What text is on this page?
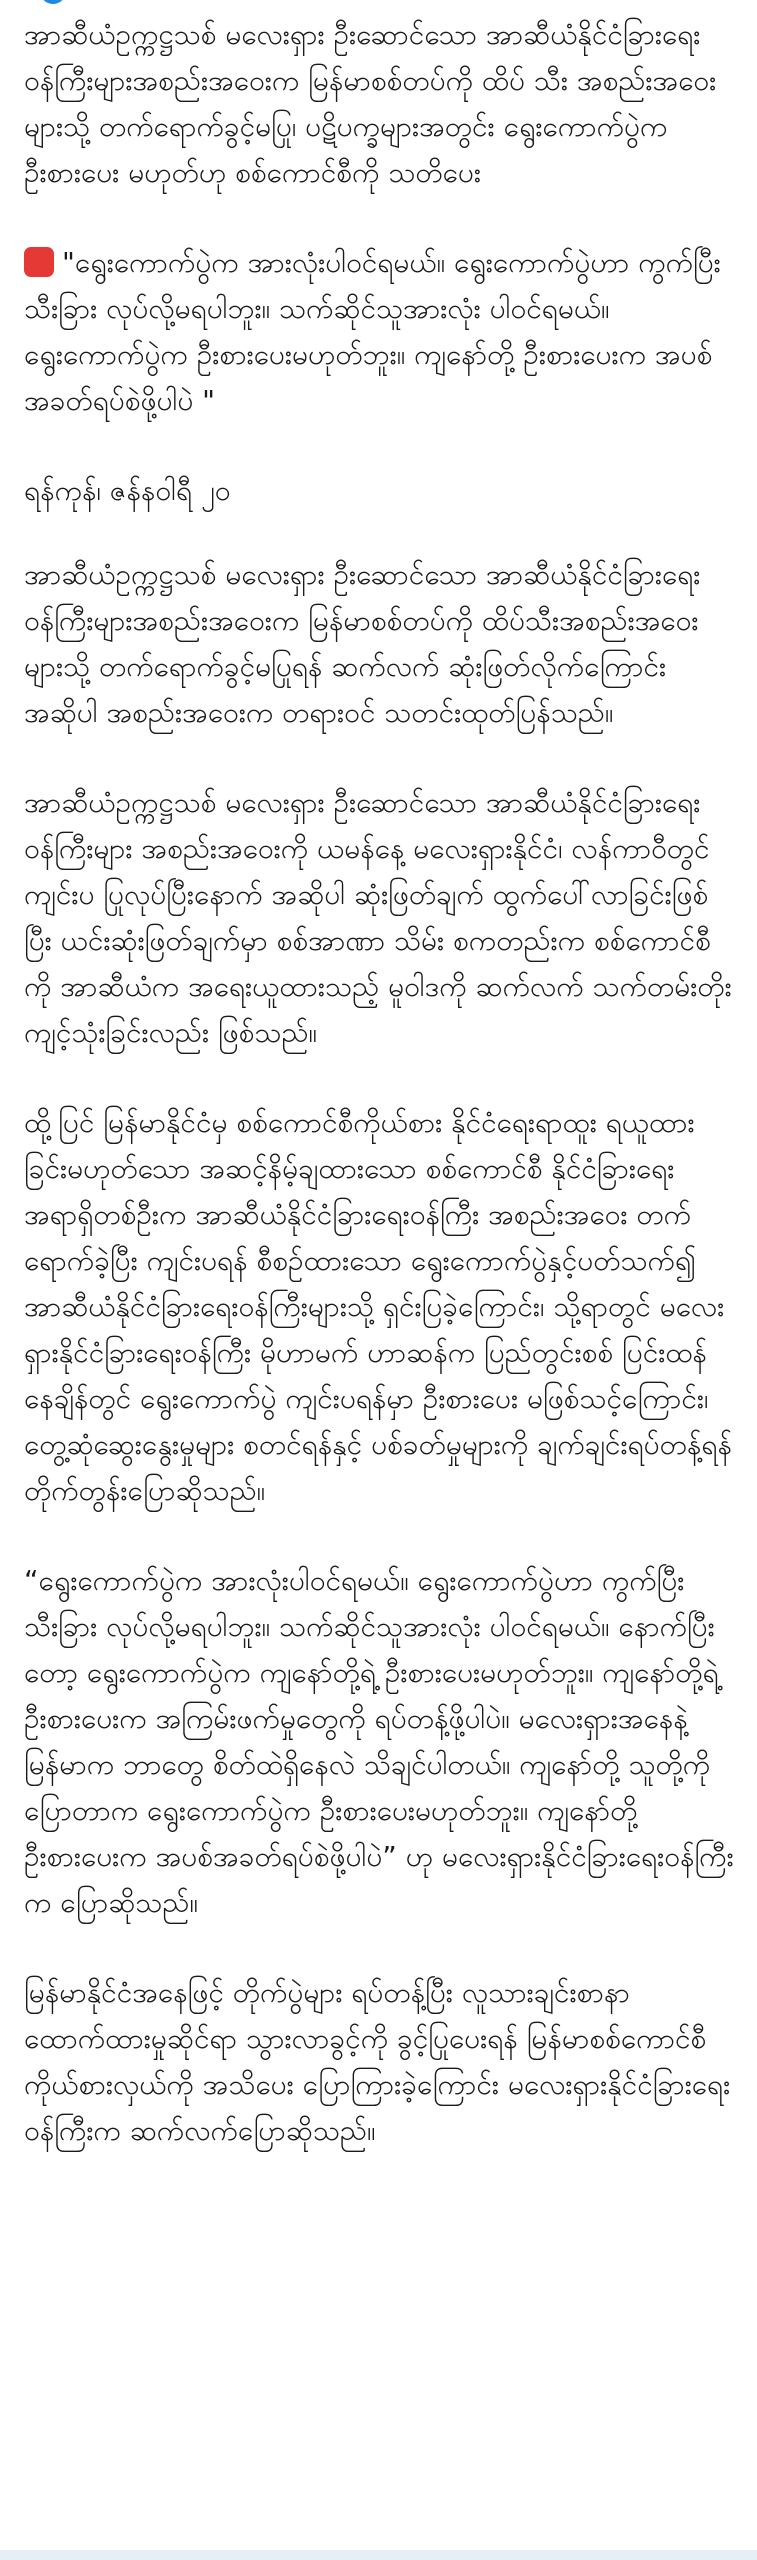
အာဆီယံဥက္ကဋ္ဌသစ် မလေးရှား ဦးဆောင်သော အာဆီယံနိုင်ငံခြားရေး ဝန်ကြီးများအစည်းအဝေးက မြန်မာစစ်တပ်ကို ထိပ် သီး အစည်းအဝေးများသို့ တက်ရောက်ခွင့်မပြု၊ ပဋိပက္ခများအတွင်း ရွေးကောက်ပွဲက ဦးစားပေး မဟုတ်ဟု စစ်ကောင်စီကို သတိပေး

"ရွေးကောက်ပွဲက အားလုံးပါဝင်ရမယ်။ ရွေးကောက်ပွဲဟာ ကွက်ပြီး သီးခြား လုပ်လို့မရပါဘူး။ သက်ဆိုင်သူအားလုံး ပါဝင်ရမယ်။ ရွေးကောက်ပွဲက ဦးစားပေးမဟုတ်ဘူး။ ကျနော်တို့ ဦးစားပေးက အပစ်အခတ်ရပ်စဲဖို့ပါပဲ "

ရန်ကုန်၊ ဇန်နဝါရီ ၂၀

အာဆီယံဥက္ကဋ္ဌသစ် မလေးရှား ဦးဆောင်သော အာဆီယံနိုင်ငံခြားရေး ဝန်ကြီးများအစည်းအဝေးက မြန်မာစစ်တပ်ကို ထိပ်သီးအစည်းအဝေးများသို့ တက်ရောက်ခွင့်မပြုရန် ဆက်လက် ဆုံးဖြတ်လိုက်ကြောင်း အဆိုပါ အစည်းအဝေးက တရားဝင် သတင်းထုတ်ပြန်သည်။

အာဆီယံဥက္ကဋ္ဌသစ် မလေးရှား ဦးဆောင်သော အာဆီယံနိုင်ငံခြားရေးဝန်ကြီးများ အစည်းအဝေးကို ယမန်နေ့ မလေးရှားနိုင်ငံ၊ လန်ကာဝီတွင် ကျင်းပ ပြုလုပ်ပြီးနောက် အဆိုပါ ဆုံးဖြတ်ချက် ထွက်ပေါ်လာခြင်းဖြစ်ပြီး ယင်းဆုံးဖြတ်ချက်မှာ စစ်အာဏာ သိမ်း စကတည်းက စစ်ကောင်စီကို အာဆီယံက အရေးယူထားသည့် မူဝါဒကို ဆက်လက် သက်တမ်းတိုး ကျင့်သုံးခြင်းလည်း ဖြစ်သည်။

ထို့ပြင် မြန်မာနိုင်ငံမှ စစ်ကောင်စီကိုယ်စား နိုင်ငံရေးရာထူး ရယူထားခြင်းမဟုတ်သော အဆင့်နိမ့်ချထားသော စစ်ကောင်စီ နိုင်ငံခြားရေး အရာရှိတစ်ဦးက အာဆီယံနိုင်ငံခြားရေးဝန်ကြီး အစည်းအဝေး တက်ရောက်ခဲ့ပြီး ကျင်းပရန် စီစဉ်ထားသော ရွေးကောက်ပွဲနှင့်ပတ်သက်၍ အာဆီယံနိုင်ငံခြားရေးဝန်ကြီးများသို့ ရှင်းပြခဲ့ကြောင်း၊ သို့ရာတွင် မလေးရှားနိုင်ငံခြားရေးဝန်ကြီး မိုဟာမက် ဟာဆန်က ပြည်တွင်းစစ် ပြင်းထန်နေချိန်တွင် ရွေးကောက်ပွဲ ကျင်းပရန်မှာ ဦးစားပေး မဖြစ်သင့်ကြောင်း၊ တွေ့ဆုံဆွေးနွေးမှုများ စတင်ရန်နှင့် ပစ်ခတ်မှုများကို ချက်ချင်းရပ်တန့်ရန် တိုက်တွန်းပြောဆိုသည်။

“ရွေးကောက်ပွဲက အားလုံးပါဝင်ရမယ်။ ရွေးကောက်ပွဲဟာ ကွက်ပြီး သီးခြား လုပ်လို့မရပါဘူး။ သက်ဆိုင်သူအားလုံး ပါဝင်ရမယ်။ နောက်ပြီးတော့ ရွေးကောက်ပွဲက ကျနော်တို့ရဲ့ ဦးစားပေးမဟုတ်ဘူး။ ကျနော်တို့ရဲ့ ဦးစားပေးက အကြမ်းဖက်မှုတွေကို ရပ်တန့်ဖို့ပါပဲ။ မလေးရှားအနေနဲ့ မြန်မာက ဘာတွေ စိတ်ထဲရှိနေလဲ သိချင်ပါတယ်။ ကျနော်တို့ သူတို့ကို ပြောတာက ရွေးကောက်ပွဲက ဦးစားပေးမဟုတ်ဘူး။ ကျနော်တို့ ဦးစားပေးက အပစ်အခတ်ရပ်စဲဖို့ပါပဲ” ဟု မလေးရှားနိုင်ငံခြားရေးဝန်ကြီးက ပြောဆိုသည်။

မြန်မာနိုင်ငံအနေဖြင့် တိုက်ပွဲများ ရပ်တန့်ပြီး လူသားချင်းစာနာထောက်ထားမှုဆိုင်ရာ သွားလာခွင့်ကို ခွင့်ပြုပေးရန် မြန်မာစစ်ကောင်စီ ကိုယ်စားလှယ်ကို အသိပေး ပြောကြားခဲ့ကြောင်း မလေးရှားနိုင်ငံခြားရေးဝန်ကြီးက ဆက်လက်ပြောဆိုသည်။
